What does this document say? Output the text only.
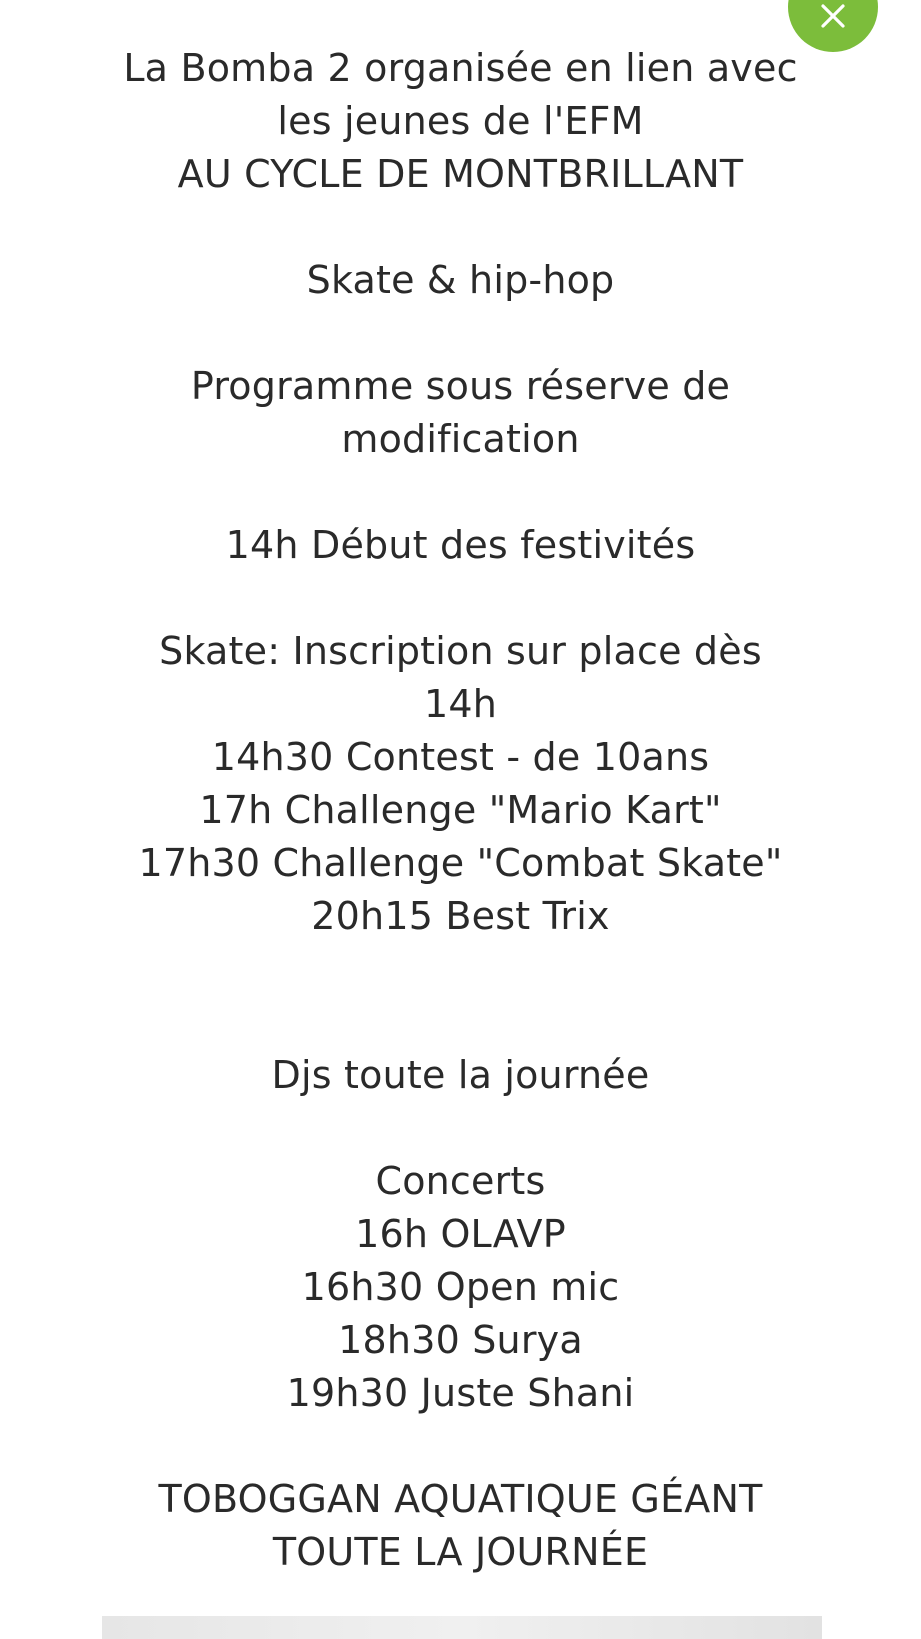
La Bomba 2 organisée en lien avec

les jeunes de l'EFM

AU CYCLE DE MONTBRILLANT

Skate & hip-hop

Programme sous réserve de

modification

14h Début des festivités

Skate: Inscription sur place dès

14h

14h30 Contest - de 10ans

17h Challenge "Mario Kart"

17h30 Challenge "Combat Skate"

20h15 Best Trix

Djs toute la journée

Concerts

16h OLAVP

16h30 Open mic

18h30 Surya

19h30 Juste Shani

TOBOGGAN AQUATIQUE GÉANT

TOUTE LA JOURNÉE
